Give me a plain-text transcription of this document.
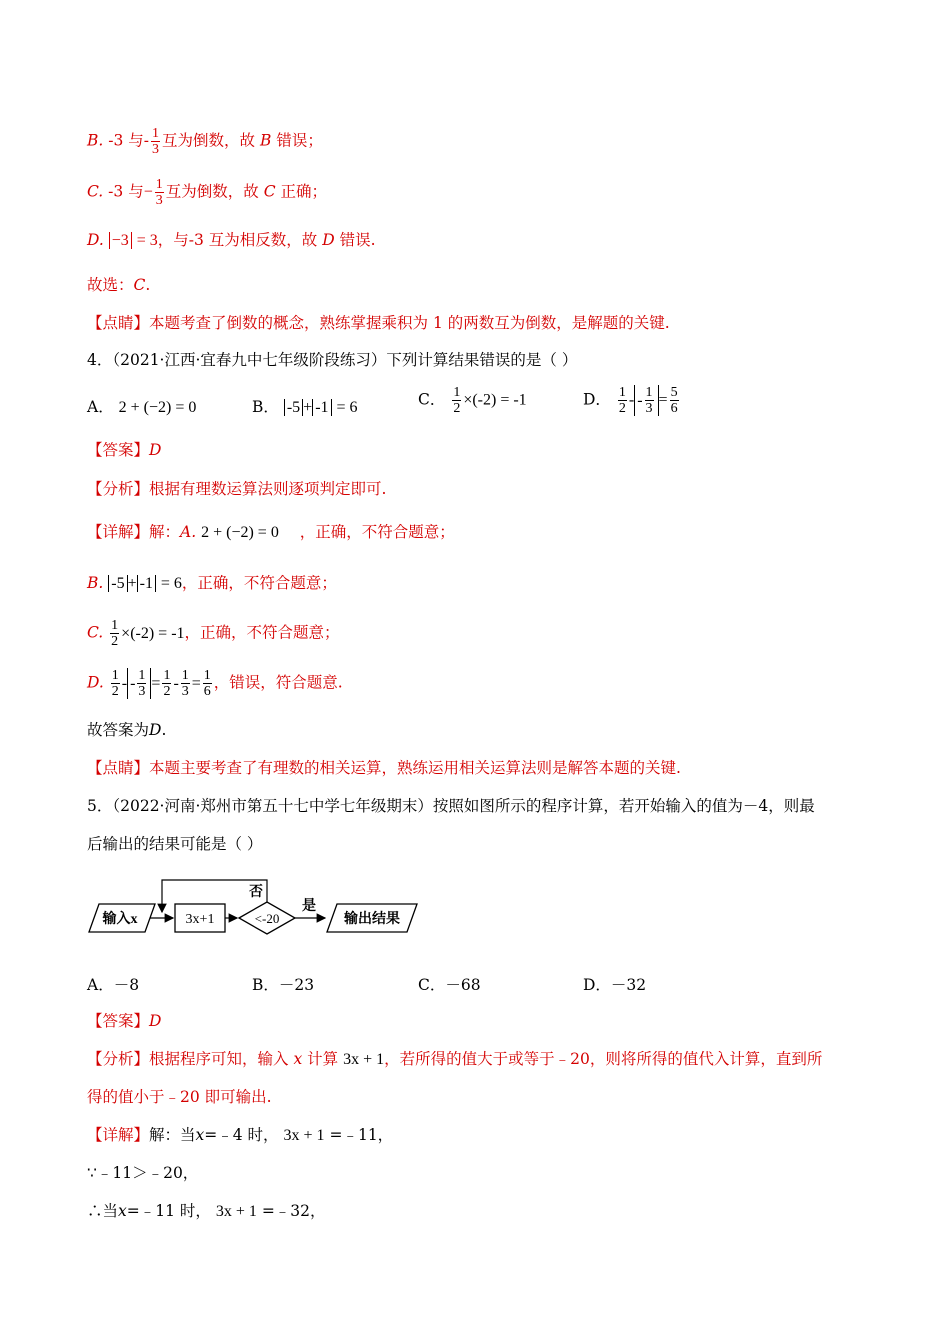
B. -3 与- $\frac{1}{3}$ 互为倒数，故 B 错误；
C. -3 与− $\frac{1}{3}$ 互为倒数，故 C 正确；
D. −3 = 3，与-3 互为相反数，故 D 错误.
故选：C.
【点睛】本题考查了倒数的概念，熟练掌握乘积为 1 的两数互为倒数，是解题的关键.
4．（2021·江西·宜春九中七年级阶段练习）下列计算结果错误的是（ ）
A． 2 + (−2) = 0	B． -5 + -1 = 6	C． $\frac{1}{2} \times(-2) = -1$	D． $\frac{1}{2}$ - - $\frac{1}{3} = \frac{5}{6}$
【答案】D
【分析】根据有理数运算法则逐项判定即可.
【详解】解：A. 2 + (−2) = 0 ，正确，不符合题意；
B. -5 + -1 = 6，正确，不符合题意；
C. $\frac{1}{2} \times(-2) = -1$，正确，不符合题意；
D. $\frac{1}{2}$ - - $\frac{1}{3} = \frac{1}{2} - \frac{1}{3} = \frac{1}{6}$ ，错误，符合题意.
故答案为D.
【点睛】本题主要考查了有理数的相关运算，熟练运用相关运算法则是解答本题的关键.
5．（2022·河南·郑州市第五十七中学七年级期末）按照如图所示的程序计算，若开始输入的值为－4，则最
后输出的结果可能是（ ）
输入x	3x+1	<-20
否
是
输出结果
A．－8	B．－23	C．－68	D．－32
【答案】D
【分析】根据程序可知，输入 x 计算 3x + 1，若所得的值大于或等于﹣20，则将所得的值代入计算，直到所
得的值小于﹣20 即可输出.
【详解】解：当x=﹣4 时， 3x + 1 =﹣11，
∵﹣11＞﹣20，
∴当x=﹣11 时， 3x + 1 =﹣32，
